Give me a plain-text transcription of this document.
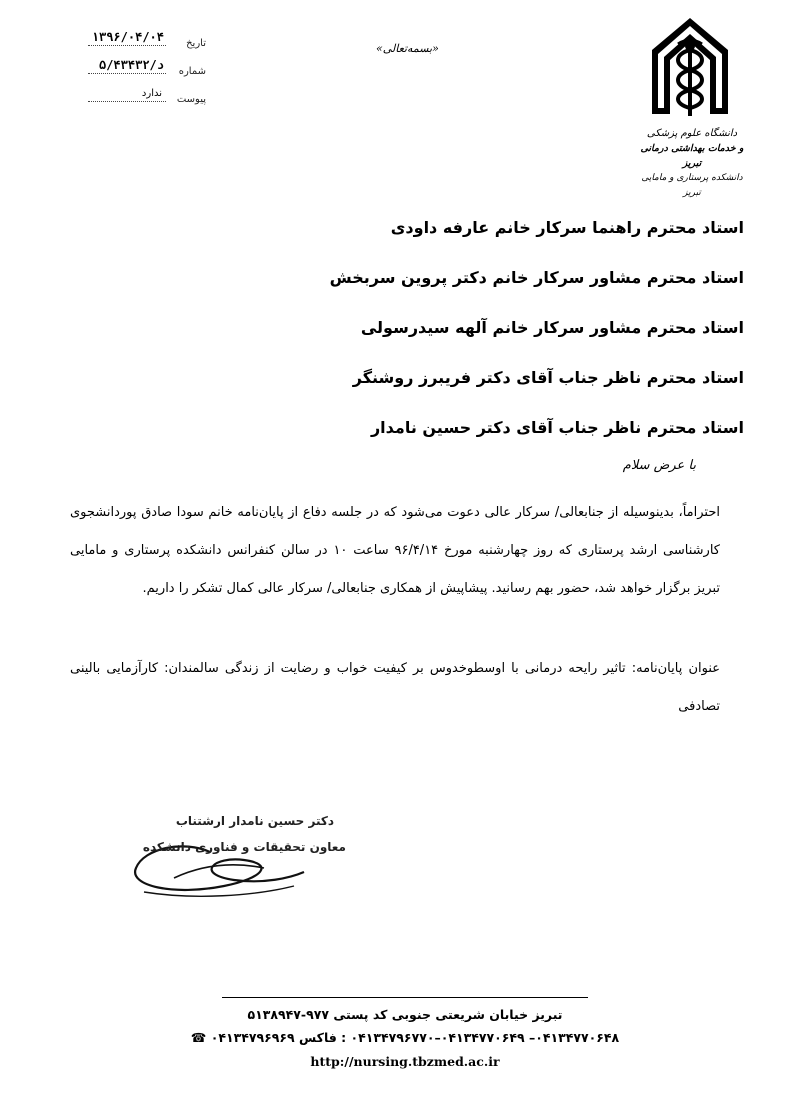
دانشگاه علوم پزشکی
و خدمات بهداشتی درمانی تبریز
دانشکده پرستاری و مامایی تبریز
«بسمه‌تعالی»
تاریخ
۱۳۹۶/۰۴/۰۴
شماره
۵/د/۴۳۴۳۲
پیوست
ندارد
استاد محترم راهنما سرکار خانم عارفه داودی
استاد محترم مشاور سرکار خانم دکتر پروین سربخش
استاد محترم مشاور سرکار خانم آلهه سیدرسولی
استاد محترم ناظر جناب آقای دکتر فریبرز روشنگر
استاد محترم ناظر جناب آقای دکتر حسین نامدار
با عرض سلام

احتراماً، بدینوسیله از جنابعالی/ سرکار عالی دعوت می‌شود که در جلسه دفاع از پایان‌نامه خانم سودا صادق پوردانشجوی کارشناسی ارشد پرستاری که روز چهارشنبه مورخ ۹۶/۴/۱۴ ساعت ۱۰ در سالن کنفرانس دانشکده پرستاری و مامایی تبریز برگزار خواهد شد، حضور بهم رسانید. پیشاپیش از همکاری جنابعالی/ سرکار عالی کمال تشکر را داریم.

عنوان پایان‌نامه: تاثیر رایحه درمانی با اوسطوخدوس بر کیفیت خواب و رضایت از زندگی سالمندان: کارآزمایی بالینی تصادفی
دکتر حسین نامدار ارشتناب
معاون تحقیقات و فناوری دانشکده
تبریز خیابان شریعتی جنوبی کد پستی ۹۷۷-۵۱۳۸۹۴۷
۰۴۱۳۴۷۷۰۶۴۸– ۰۴۱۳۴۷۷۰۶۴۹–۰۴۱۳۴۷۹۶۷۷۰ : فاکس ۰۴۱۳۴۷۹۶۹۶۹ ☎
http://nursing.tbzmed.ac.ir
